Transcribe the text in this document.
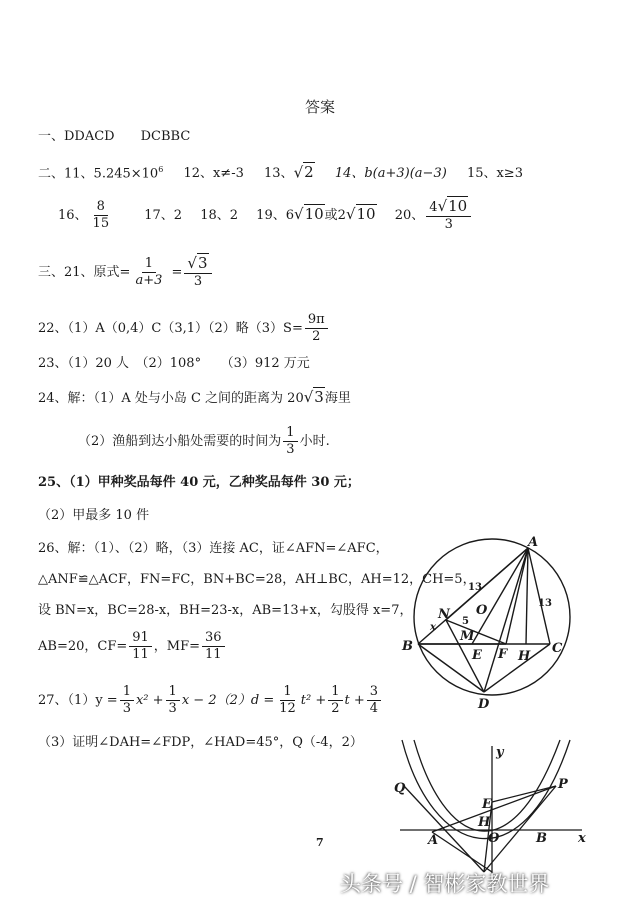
答案
一、DDACD　　DCBBC
二、11、$5.245\times 10^6$ 12、x≠-3 13、√2 14、b(a+3)(a−3) 15、x≥3
16、 $\frac{8}{15} 17$、2 18、2 19、6√10或2√10 20、 $\frac{4√10}{3}$
三、21、原式= $\frac{1}{a+3} = \frac{√3}{3}$
22、（1）A（0,4）C（3,1）（2）略$(3)S= \frac{9\pi}{2}$
23、（1）20 人　（2）108°　　（3）912 万元
24、解：（1）A 处与小岛 C 之间的距离为 20√3海里
（2）渔船到达小船处需要的时间为 $\frac{1}{3}$ 小时.
25、（1）甲种奖品每件 40 元，乙种奖品每件 30 元；
（2）甲最多 10 件
26、解：（1）、（2）略，（3）连接 AC，证∠AFN=∠AFC，
△ANF≌△ACF，FN=FC，BN+BC=28，AH⊥BC，AH=12，CH=5，
设 BN=x，BC=28-x，BH=23-x，AB=13+x，勾股得 x=7，
AB=20，$CF= \frac{91}{11}$ ，$MF= \frac{36}{11}$
27、$(1)y = \frac{1}{3} x^2 + \frac{1}{3}$ $x - 2(2)d = \frac{1}{12} t^2 + \frac{1}{2}$ $t + \frac{3}{4}$
（3）证明∠DAH=∠FDP，∠HAD=45°，Q（-4，2）
A
B	C
D
E F H
M
N O
x
13
13
5
y
x
Q	P
E
H
A	O	B
7
头条号 / 智彬家教世界
